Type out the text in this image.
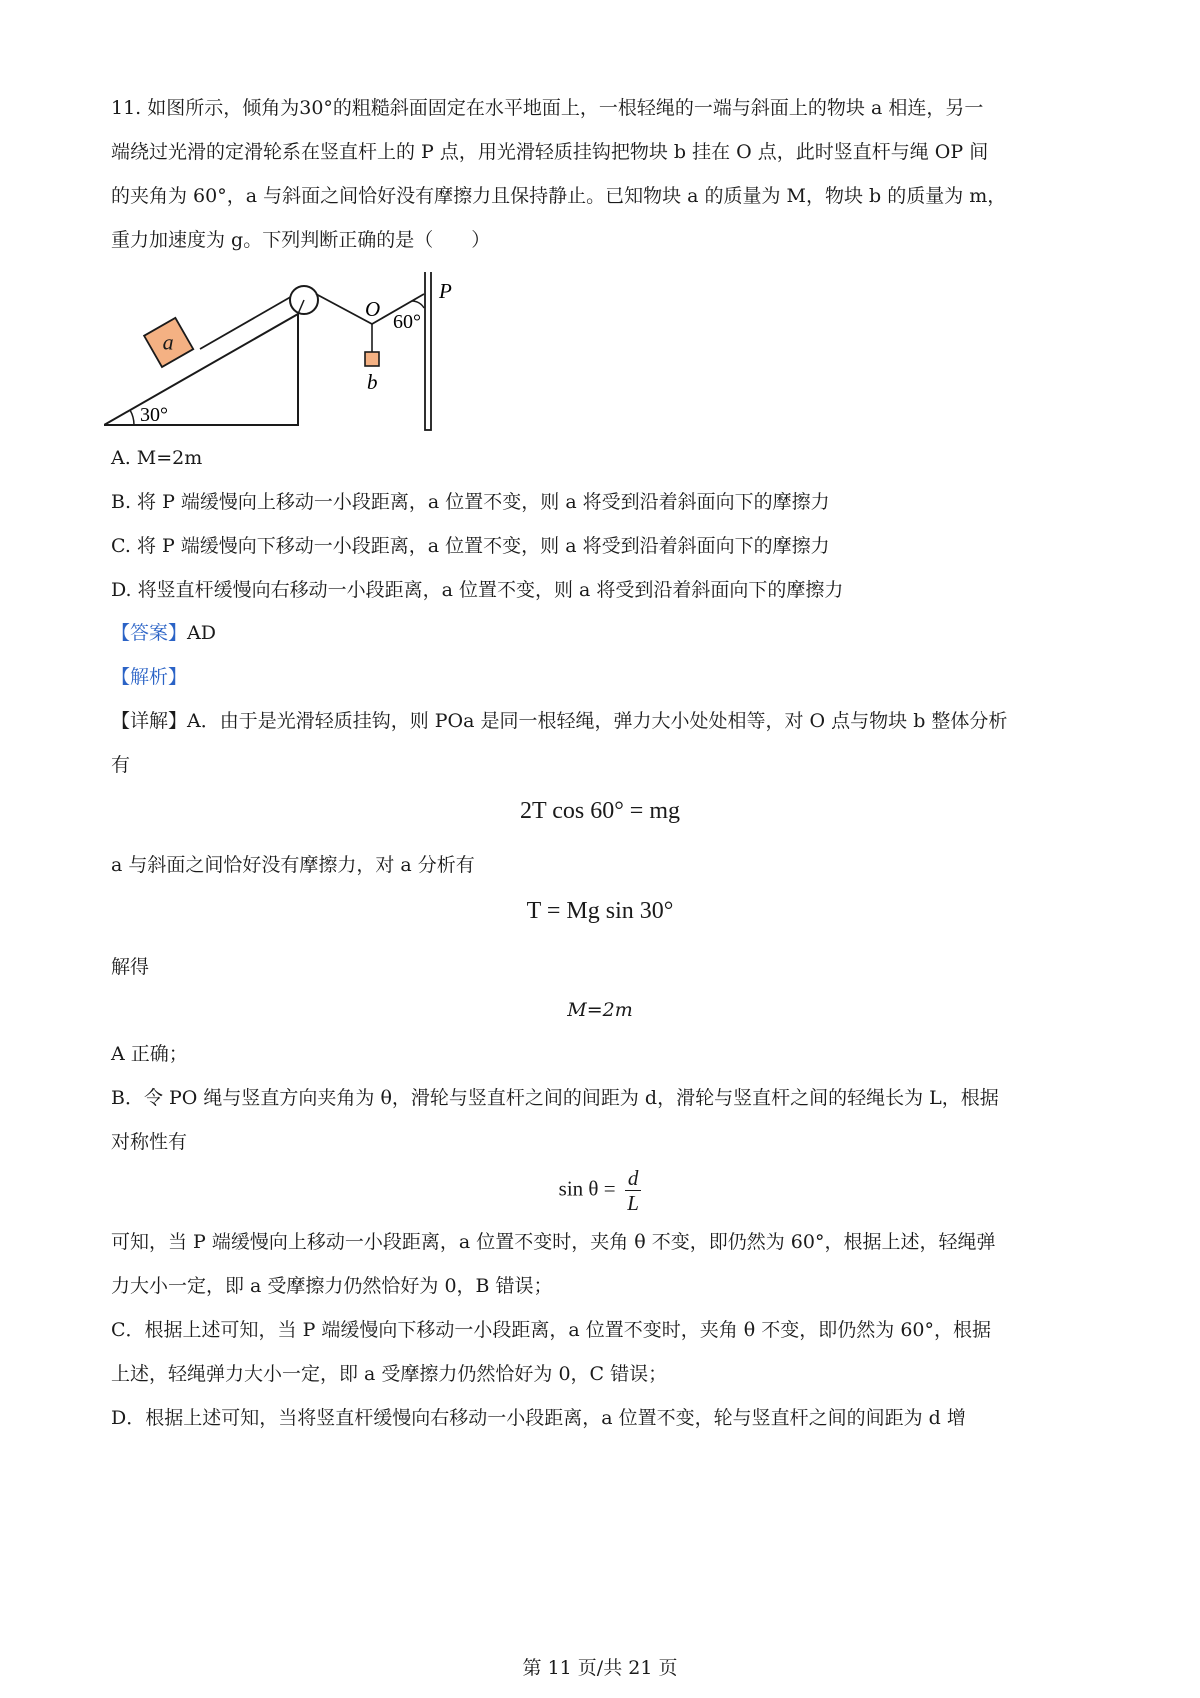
11. 如图所示，倾角为30°的粗糙斜面固定在水平地面上，一根轻绳的一端与斜面上的物块 a 相连，另一
端绕过光滑的定滑轮系在竖直杆上的 P 点，用光滑轻质挂钩把物块 b 挂在 O 点，此时竖直杆与绳 OP 间
的夹角为 60°，a 与斜面之间恰好没有摩擦力且保持静止。已知物块 a 的质量为 M，物块 b 的质量为 m，
重力加速度为 g。下列判断正确的是（　　）
30°
a
b
O
P
60°
A. M=2m
B. 将 P 端缓慢向上移动一小段距离，a 位置不变，则 a 将受到沿着斜面向下的摩擦力
C. 将 P 端缓慢向下移动一小段距离，a 位置不变，则 a 将受到沿着斜面向下的摩擦力
D. 将竖直杆缓慢向右移动一小段距离，a 位置不变，则 a 将受到沿着斜面向下的摩擦力
【答案】AD
【解析】
【详解】A．由于是光滑轻质挂钩，则 POa 是同一根轻绳，弹力大小处处相等，对 O 点与物块 b 整体分析
有
2T cos 60° = mg
a 与斜面之间恰好没有摩擦力，对 a 分析有
T = Mg sin 30°
解得
M=2m
A 正确；
B．令 PO 绳与竖直方向夹角为 θ，滑轮与竖直杆之间的间距为 d，滑轮与竖直杆之间的轻绳长为 L，根据
对称性有
$\sin \theta = \frac{d}{L}$
可知，当 P 端缓慢向上移动一小段距离，a 位置不变时，夹角 θ 不变，即仍然为 60°，根据上述，轻绳弹
力大小一定，即 a 受摩擦力仍然恰好为 0，B 错误；
C．根据上述可知，当 P 端缓慢向下移动一小段距离，a 位置不变时，夹角 θ 不变，即仍然为 60°，根据
上述，轻绳弹力大小一定，即 a 受摩擦力仍然恰好为 0，C 错误；
D．根据上述可知，当将竖直杆缓慢向右移动一小段距离，a 位置不变，轮与竖直杆之间的间距为 d 增
第 11 页/共 21 页
